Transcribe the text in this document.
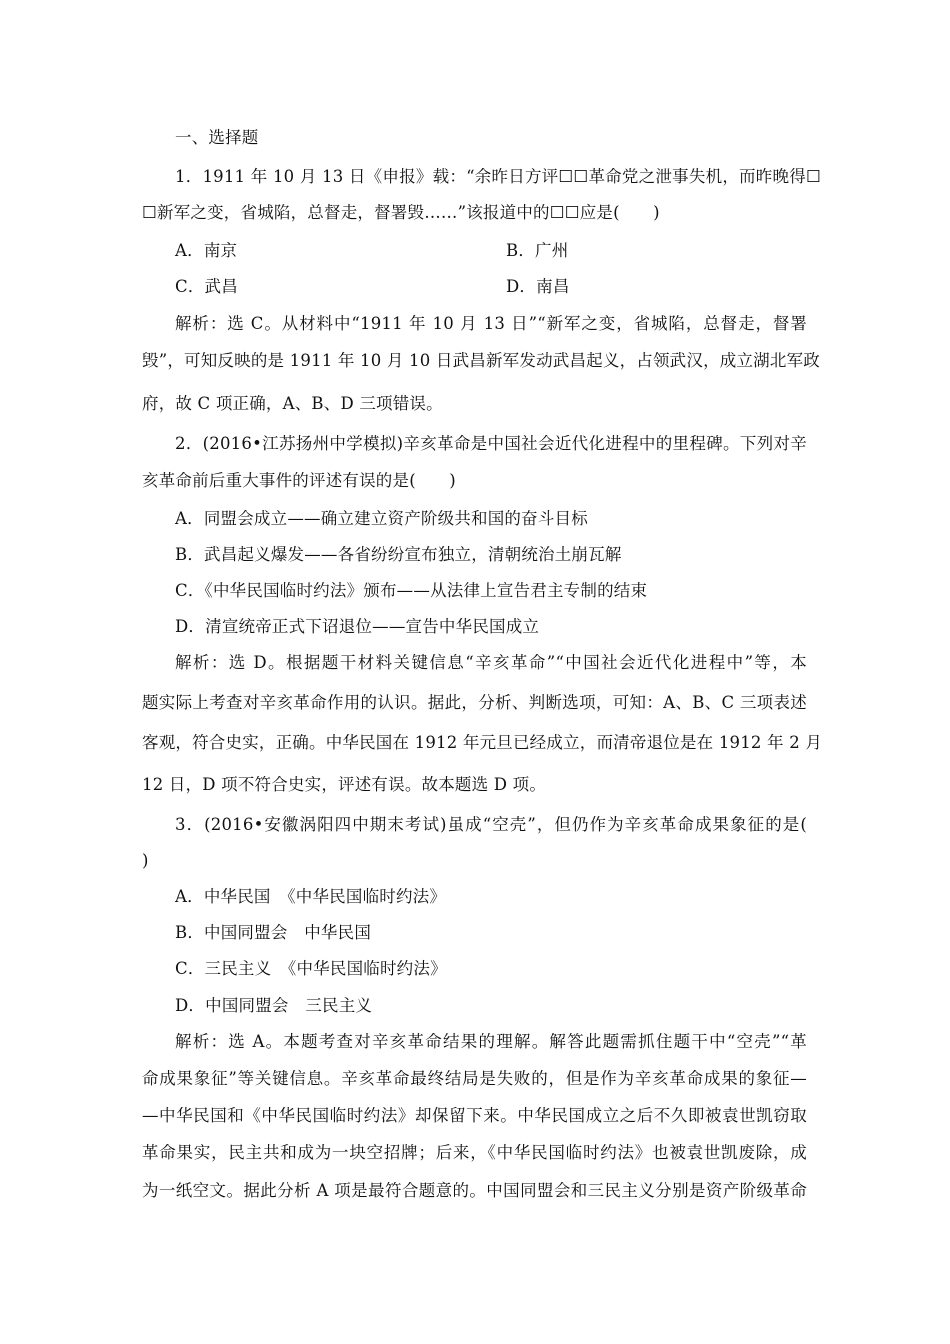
一、选择题
1．1911 年 10 月 13 日《申报》载：“余昨日方评☐☐革命党之泄事失机，而昨晚得☐
☐新军之变，省城陷，总督走，督署毁……”该报道中的☐☐应是(　　)
A．南京	B．广州
C．武昌	D．南昌
解析：选 C。从材料中“1911 年 10 月 13 日”“新军之变，省城陷，总督走，督署
毁”，可知反映的是 1911 年 10 月 10 日武昌新军发动武昌起义，占领武汉，成立湖北军政
府，故 C 项正确，A、B、D 三项错误。
2．(2016•江苏扬州中学模拟)辛亥革命是中国社会近代化进程中的里程碑。下列对辛
亥革命前后重大事件的评述有误的是(　　)
A．同盟会成立——确立建立资产阶级共和国的奋斗目标
B．武昌起义爆发——各省纷纷宣布独立，清朝统治土崩瓦解
C．《中华民国临时约法》颁布——从法律上宣告君主专制的结束
D．清宣统帝正式下诏退位——宣告中华民国成立
解析：选 D。根据题干材料关键信息“辛亥革命”“中国社会近代化进程中”等，本
题实际上考查对辛亥革命作用的认识。据此，分析、判断选项，可知：A、B、C 三项表述
客观，符合史实，正确。中华民国在 1912 年元旦已经成立，而清帝退位是在 1912 年 2 月
12 日，D 项不符合史实，评述有误。故本题选 D 项。
3．(2016•安徽涡阳四中期末考试)虽成“空壳”，但仍作为辛亥革命成果象征的是(
)
A．中华民国　《中华民国临时约法》
B．中国同盟会　中华民国
C．三民主义　《中华民国临时约法》
D．中国同盟会　三民主义
解析：选 A。本题考查对辛亥革命结果的理解。解答此题需抓住题干中“空壳”“革
命成果象征”等关键信息。辛亥革命最终结局是失败的，但是作为辛亥革命成果的象征—
—中华民国和《中华民国临时约法》却保留下来。中华民国成立之后不久即被袁世凯窃取
革命果实，民主共和成为一块空招牌；后来，《中华民国临时约法》也被袁世凯废除，成
为一纸空文。据此分析 A 项是最符合题意的。中国同盟会和三民主义分别是资产阶级革命
